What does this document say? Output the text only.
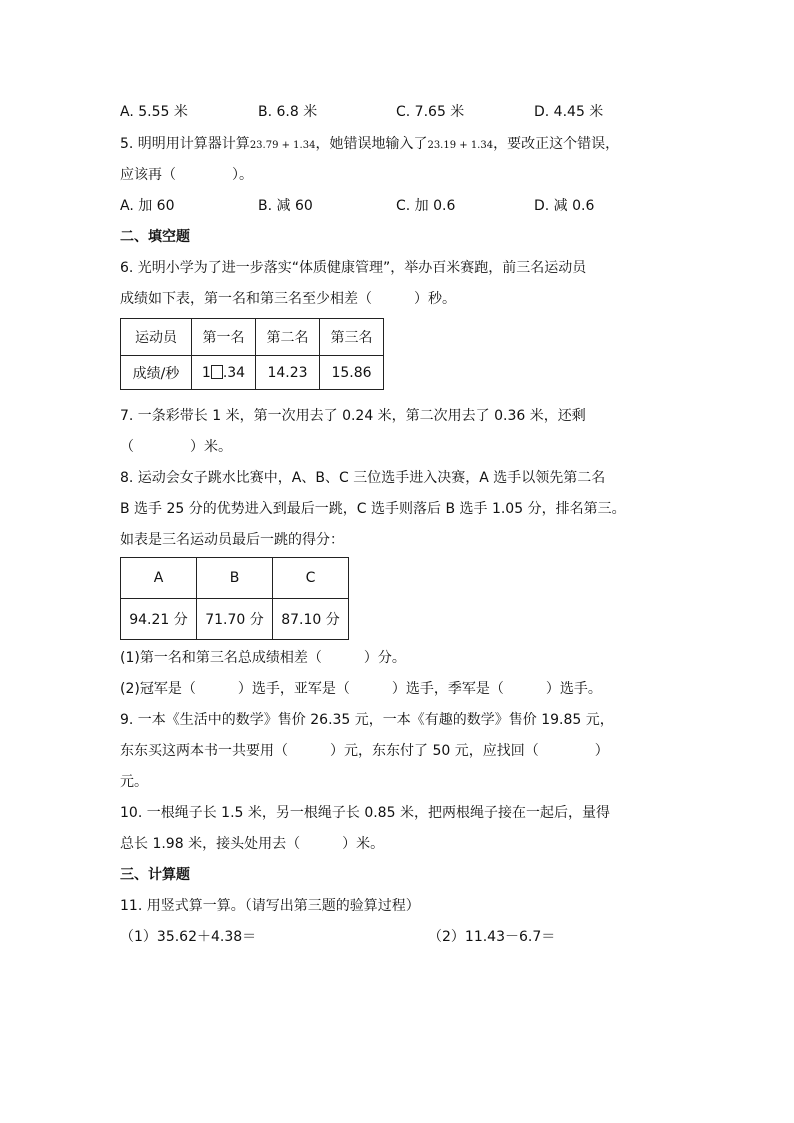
A. 5.55 米	B. 6.8 米	C. 7.65 米	D. 4.45 米
5. 明明用计算器计算23.79 + 1.34，她错误地输入了23.19 + 1.34，要改正这个错误，
应该再（　　　　）。
A. 加 60	B. 减 60	C. 加 0.6	D. 减 0.6
二、填空题
6. 光明小学为了进一步落实“体质健康管理”，举办百米赛跑，前三名运动员
成绩如下表，第一名和第三名至少相差（　　　）秒。
运动员	第一名	第二名	第三名
成绩/秒	1 .34	14.23	15.86
7. 一条彩带长 1 米，第一次用去了 0.24 米，第二次用去了 0.36 米，还剩
（　　　　）米。
8. 运动会女子跳水比赛中，A、B、C 三位选手进入决赛，A 选手以领先第二名
B 选手 25 分的优势进入到最后一跳，C 选手则落后 B 选手 1.05 分，排名第三。
如表是三名运动员最后一跳的得分：
A	B	C
94.21 分	71.70 分	87.10 分
(1)第一名和第三名总成绩相差（　　　）分。
(2)冠军是（　　　）选手，亚军是（　　　）选手，季军是（　　　）选手。
9. 一本《生活中的数学》售价 26.35 元，一本《有趣的数学》售价 19.85 元，
东东买这两本书一共要用（　　　）元，东东付了 50 元，应找回（　　　　）
元。
10. 一根绳子长 1.5 米，另一根绳子长 0.85 米，把两根绳子接在一起后，量得
总长 1.98 米，接头处用去（　　　）米。
三、计算题
11. 用竖式算一算。（请写出第三题的验算过程）
（1）35.62＋4.38＝	（2）11.43－6.7＝
